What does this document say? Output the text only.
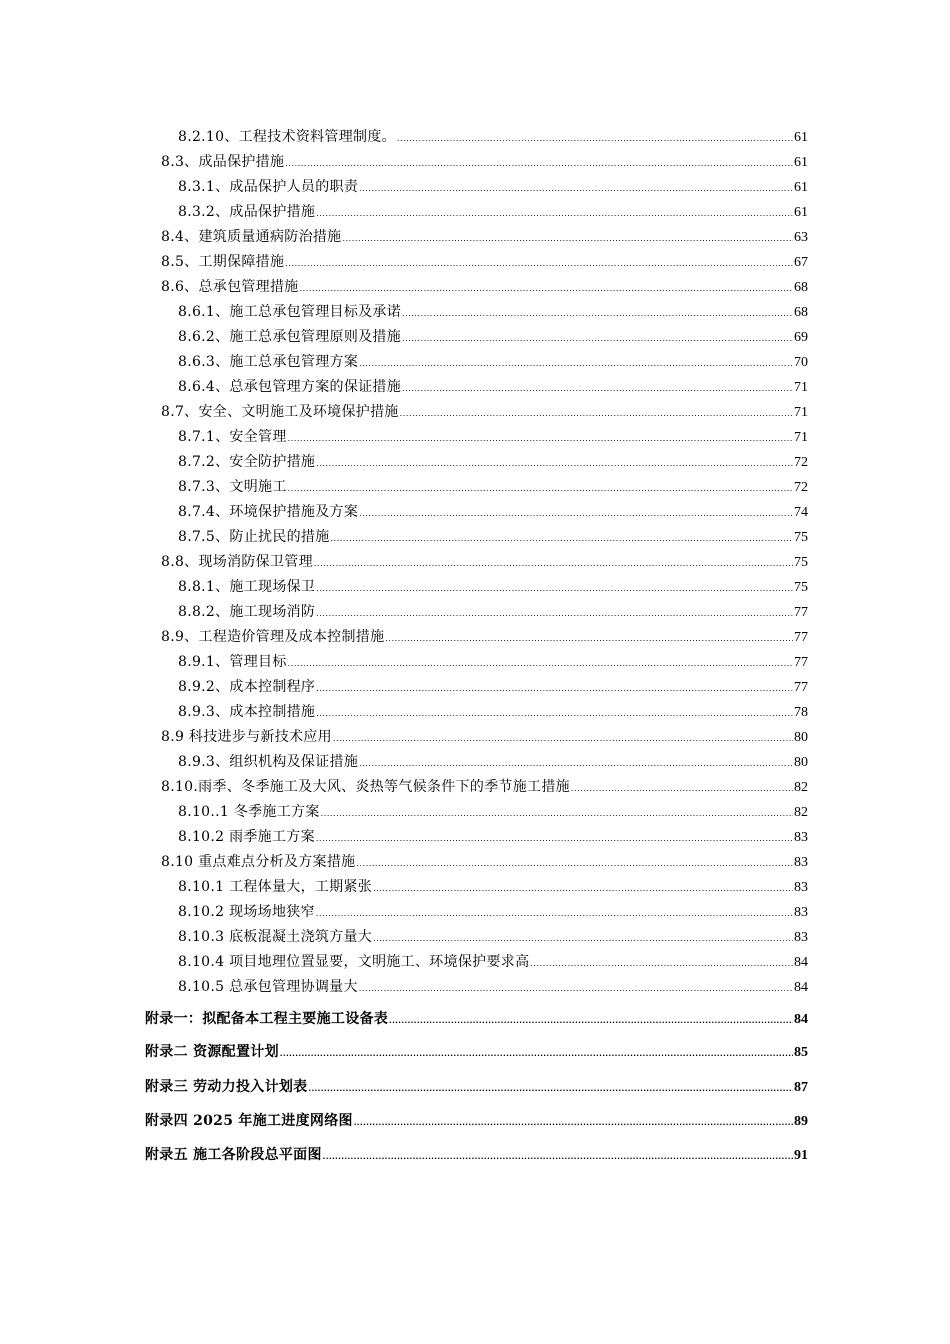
8.2.10、工程技术资料管理制度。 .....	61
8.3、成品保护措施 .....	61
8.3.1、成品保护人员的职责 .....	61
8.3.2、成品保护措施 .....	61
8.4、建筑质量通病防治措施 .....	63
8.5、工期保障措施 .....	67
8.6、总承包管理措施 .....	68
8.6.1、施工总承包管理目标及承诺 .....	68
8.6.2、施工总承包管理原则及措施 .....	69
8.6.3、施工总承包管理方案 .....	70
8.6.4、总承包管理方案的保证措施 .....	71
8.7、安全、文明施工及环境保护措施 .....	71
8.7.1、安全管理 .....	71
8.7.2、安全防护措施 .....	72
8.7.3、文明施工 .....	72
8.7.4、环境保护措施及方案 .....	74
8.7.5、防止扰民的措施 .....	75
8.8、现场消防保卫管理 .....	75
8.8.1、施工现场保卫 .....	75
8.8.2、施工现场消防 .....	77
8.9、工程造价管理及成本控制措施 .....	77
8.9.1、管理目标 .....	77
8.9.2、成本控制程序 .....	77
8.9.3、成本控制措施 .....	78
8.9 科技进步与新技术应用 .....	80
8.9.3、组织机构及保证措施 .....	80
8.10.雨季、冬季施工及大风、炎热等气候条件下的季节施工措施 .....	82
8.10..1 冬季施工方案 .....	82
8.10.2 雨季施工方案 .....	83
8.10 重点难点分析及方案措施 .....	83
8.10.1 工程体量大，工期紧张 .....	83
8.10.2 现场场地狭窄 .....	83
8.10.3 底板混凝土浇筑方量大 .....	83
8.10.4 项目地理位置显要，文明施工、环境保护要求高 .....	84
8.10.5 总承包管理协调量大 .....	84
附录一：拟配备本工程主要施工设备表 .....	84
附录二 资源配置计划 .....	85
附录三 劳动力投入计划表 .....	87
附录四 2025 年施工进度网络图 .....	89
附录五 施工各阶段总平面图 .....	91
